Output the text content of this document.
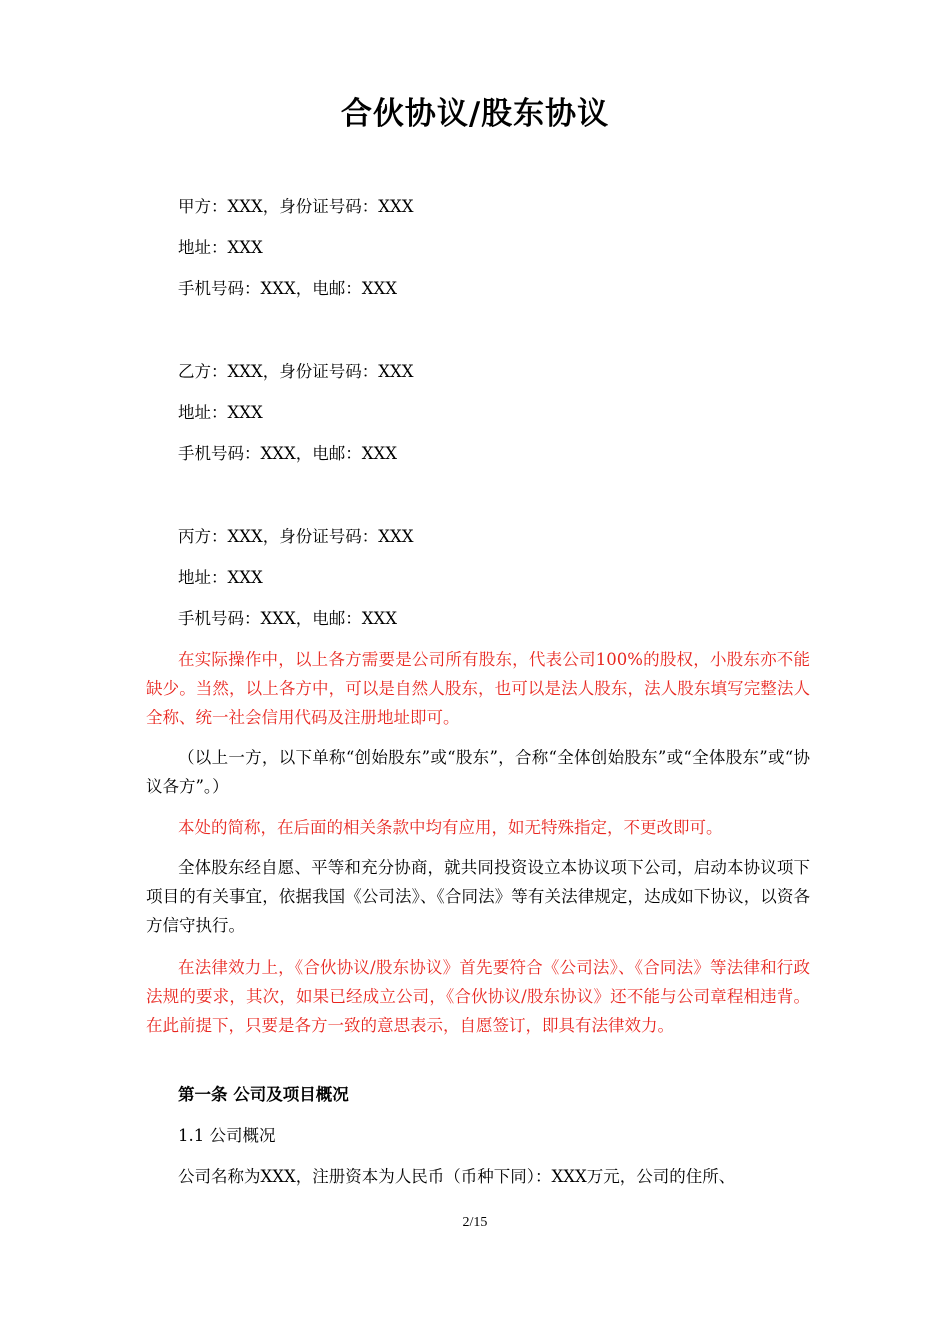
合伙协议/股东协议
甲方：XXX，身份证号码：XXX
地址：XXX
手机号码：XXX，电邮：XXX
乙方：XXX，身份证号码：XXX
地址：XXX
手机号码：XXX，电邮：XXX
丙方：XXX，身份证号码：XXX
地址：XXX
手机号码：XXX，电邮：XXX
在实际操作中，以上各方需要是公司所有股东，代表公司100%的股权，小股东亦不能缺少。当然，以上各方中，可以是自然人股东，也可以是法人股东，法人股东填写完整法人全称、统一社会信用代码及注册地址即可。
（以上一方，以下单称“创始股东”或“股东”，合称“全体创始股东”或“全体股东”或“协议各方”。）
本处的简称，在后面的相关条款中均有应用，如无特殊指定，不更改即可。
全体股东经自愿、平等和充分协商，就共同投资设立本协议项下公司，启动本协议项下项目的有关事宜，依据我国《公司法》、《合同法》等有关法律规定，达成如下协议，以资各方信守执行。
在法律效力上，《合伙协议/股东协议》首先要符合《公司法》、《合同法》等法律和行政法规的要求，其次，如果已经成立公司，《合伙协议/股东协议》还不能与公司章程相违背。在此前提下，只要是各方一致的意思表示，自愿签订，即具有法律效力。
第一条 公司及项目概况
1.1 公司概况
公司名称为XXX，注册资本为人民币（币种下同）：XXX万元，公司的住所、
2/15
